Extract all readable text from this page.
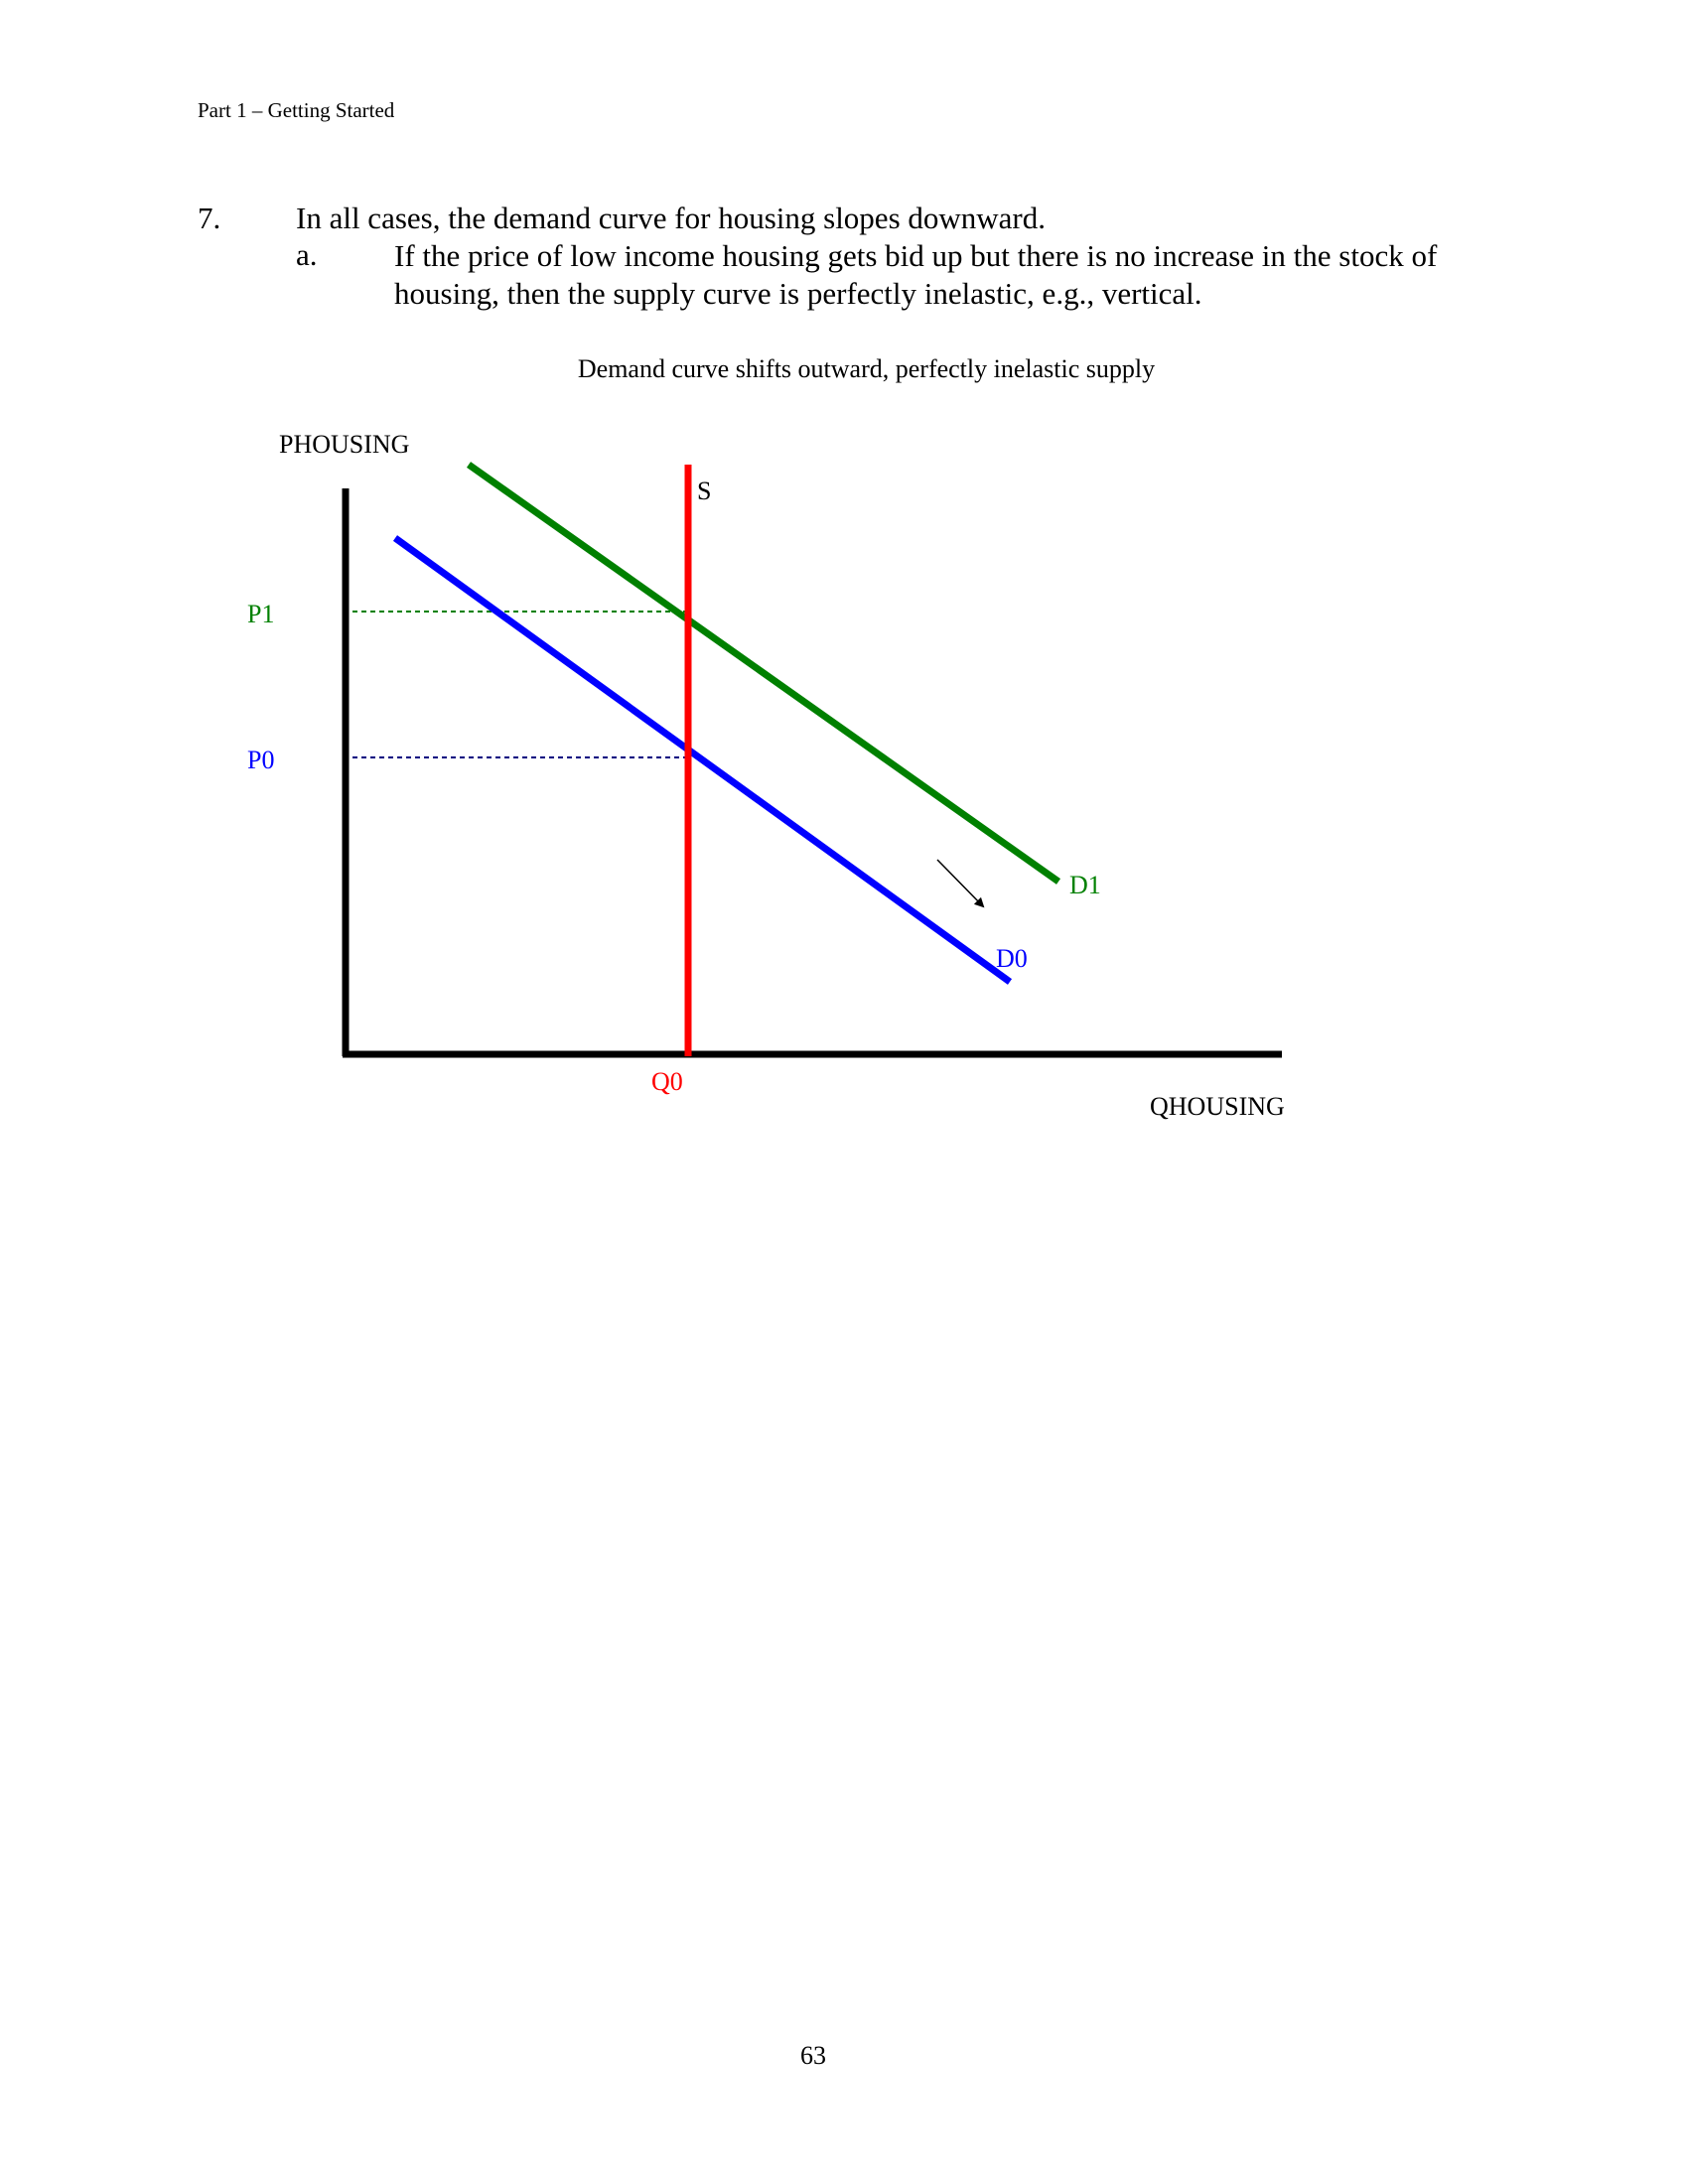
Part 1 – Getting Started
7. In all cases, the demand curve for housing slopes downward.
a. If the price of low income housing gets bid up but there is no increase in the stock of housing, then the supply curve is perfectly inelastic, e.g., vertical.
Demand curve shifts outward, perfectly inelastic supply
PHOUSING
QHOUSING
S
D1
D0
P1
P0
Q0
63
